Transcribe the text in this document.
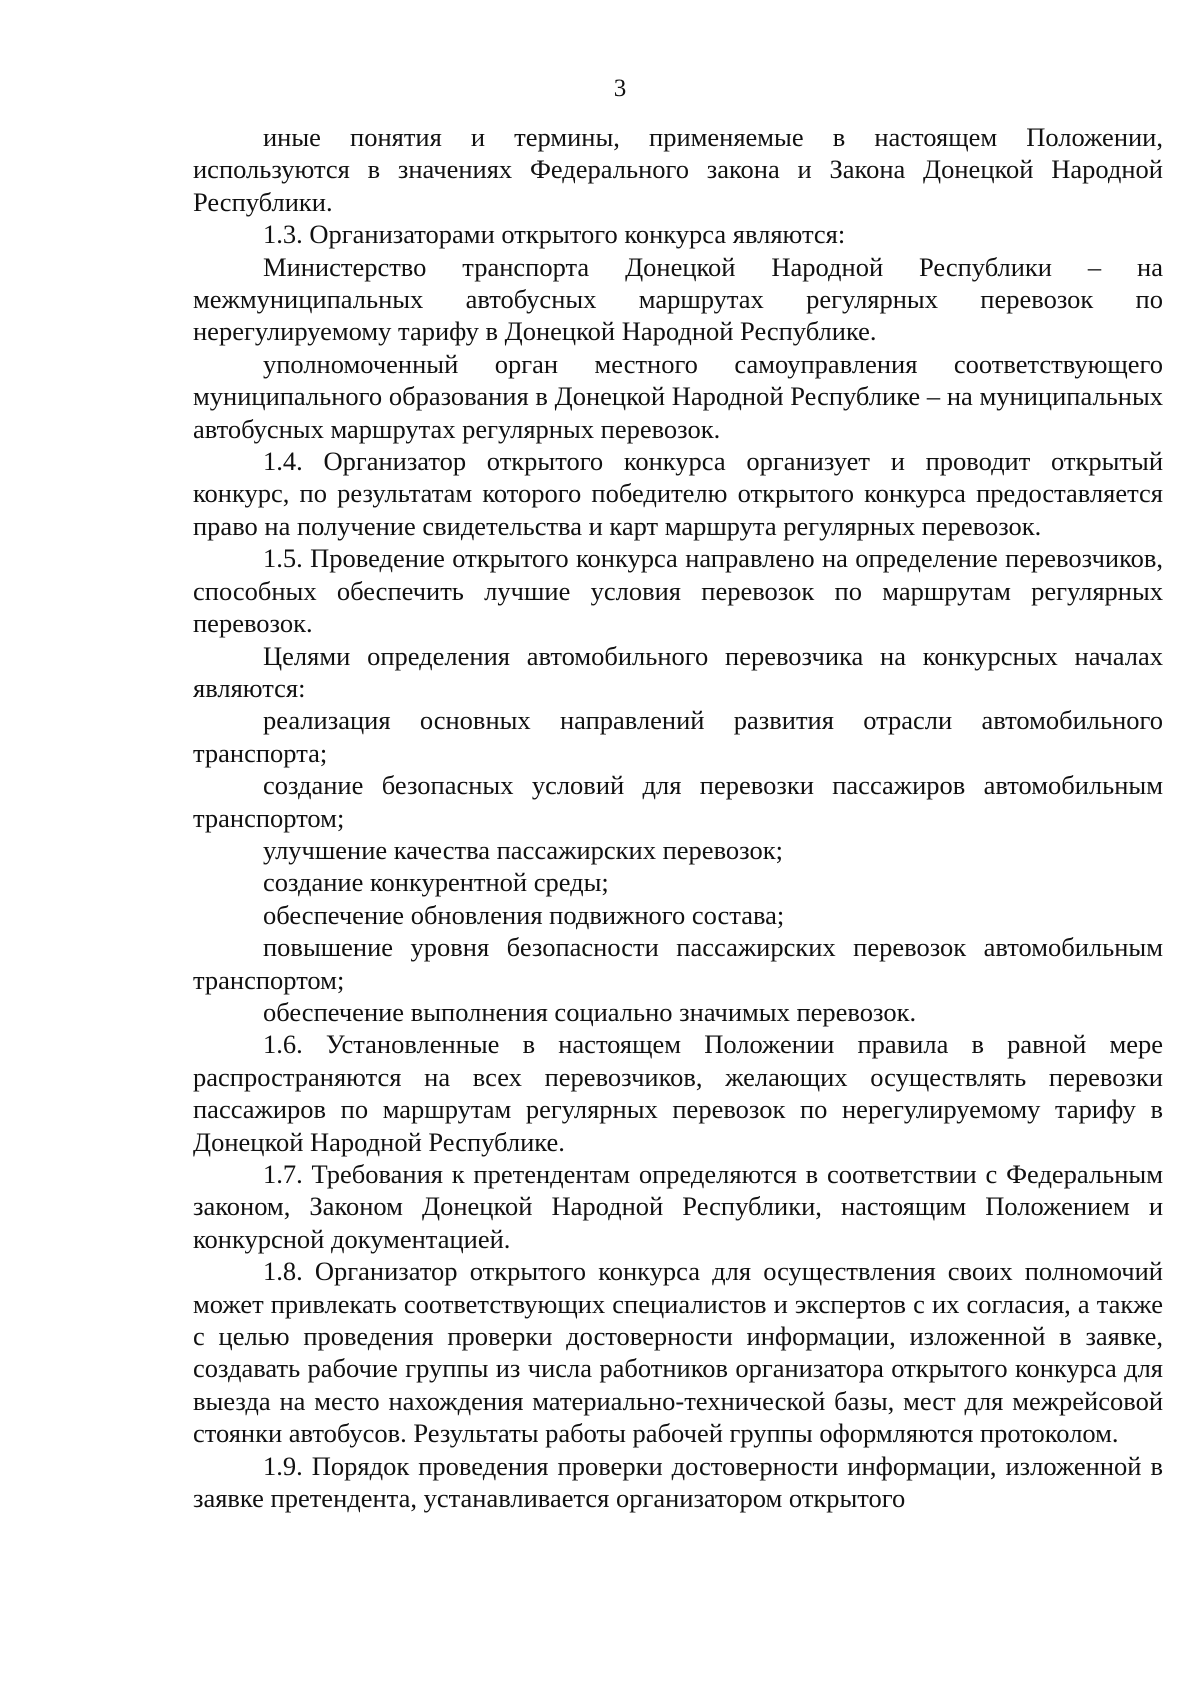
3

иные понятия и термины, применяемые в настоящем Положении, используются в значениях Федерального закона и Закона Донецкой Народной Республики.

1.3. Организаторами открытого конкурса являются:

Министерство транспорта Донецкой Народной Республики – на межмуниципальных автобусных маршрутах регулярных перевозок по нерегулируемому тарифу в Донецкой Народной Республике.

уполномоченный орган местного самоуправления соответствующего муниципального образования в Донецкой Народной Республике – на муниципальных автобусных маршрутах регулярных перевозок.

1.4. Организатор открытого конкурса организует и проводит открытый конкурс, по результатам которого победителю открытого конкурса предоставляется право на получение свидетельства и карт маршрута регулярных перевозок.

1.5. Проведение открытого конкурса направлено на определение перевозчиков, способных обеспечить лучшие условия перевозок по маршрутам регулярных перевозок.

Целями определения автомобильного перевозчика на конкурсных началах являются:

реализация основных направлений развития отрасли автомобильного транспорта;

создание безопасных условий для перевозки пассажиров автомобильным транспортом;

улучшение качества пассажирских перевозок;

создание конкурентной среды;

обеспечение обновления подвижного состава;

повышение уровня безопасности пассажирских перевозок автомобильным транспортом;

обеспечение выполнения социально значимых перевозок.

1.6. Установленные в настоящем Положении правила в равной мере распространяются на всех перевозчиков, желающих осуществлять перевозки пассажиров по маршрутам регулярных перевозок по нерегулируемому тарифу в Донецкой Народной Республике.

1.7. Требования к претендентам определяются в соответствии с Федеральным законом, Законом Донецкой Народной Республики, настоящим Положением и конкурсной документацией.

1.8. Организатор открытого конкурса для осуществления своих полномочий может привлекать соответствующих специалистов и экспертов с их согласия, а также с целью проведения проверки достоверности информации, изложенной в заявке, создавать рабочие группы из числа работников организатора открытого конкурса для выезда на место нахождения материально-технической базы, мест для межрейсовой стоянки автобусов. Результаты работы рабочей группы оформляются протоколом.

1.9. Порядок проведения проверки достоверности информации, изложенной в заявке претендента, устанавливается организатором открытого
